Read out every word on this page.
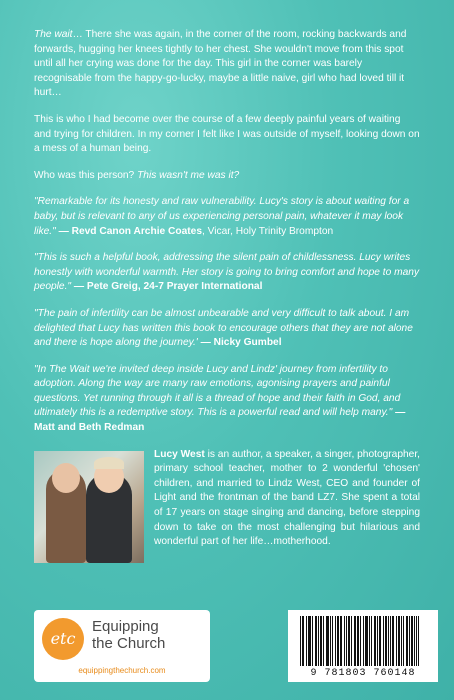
The wait… There she was again, in the corner of the room, rocking backwards and forwards, hugging her knees tightly to her chest. She wouldn't move from this spot until all her crying was done for the day. This girl in the corner was barely recognisable from the happy-go-lucky, maybe a little naive, girl who had loved till it hurt…

This is who I had become over the course of a few deeply painful years of waiting and trying for children. In my corner I felt like I was outside of myself, looking down on a mess of a human being.

Who was this person? This wasn't me was it?

"Remarkable for its honesty and raw vulnerability. Lucy's story is about waiting for a baby, but is relevant to any of us experiencing personal pain, whatever it may look like." — Revd Canon Archie Coates, Vicar, Holy Trinity Brompton

"This is such a helpful book, addressing the silent pain of childlessness. Lucy writes honestly with wonderful warmth. Her story is going to bring comfort and hope to many people." — Pete Greig, 24-7 Prayer International

"The pain of infertility can be almost unbearable and very difficult to talk about. I am delighted that Lucy has written this book to encourage others that they are not alone and there is hope along the journey.' — Nicky Gumbel

"In The Wait we're invited deep inside Lucy and Lindz' journey from infertility to adoption. Along the way are many raw emotions, agonising prayers and painful questions. Yet running through it all is a thread of hope and their faith in God, and ultimately this is a redemptive story. This is a powerful read and will help many." — Matt and Beth Redman

Lucy West is an author, a speaker, a singer, photographer, primary school teacher, mother to 2 wonderful 'chosen' children, and married to Lindz West, CEO and founder of Light and the frontman of the band LZ7. She spent a total of 17 years on stage singing and dancing, before stepping down to take on the most challenging but hilarious and wonderful part of her life…motherhood.

etc
Equipping
the Church
equippingthechurch.com	9 781803 760148
